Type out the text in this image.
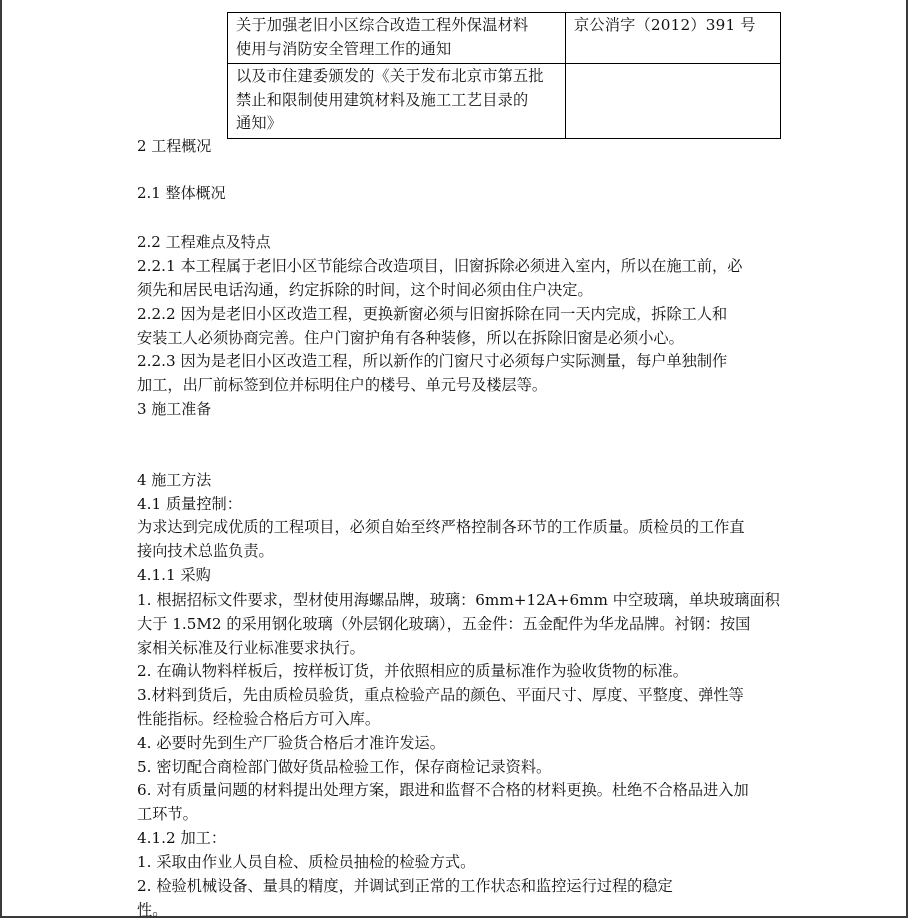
关于加强老旧小区综合改造工程外保温材料
使用与消防安全管理工作的通知	京公消字（2012）391 号

以及市住建委颁发的《关于发布北京市第五批
禁止和限制使用建筑材料及施工工艺目录的
通知》	

2 工程概况
2.1 整体概况
2.2 工程难点及特点
2.2.1 本工程属于老旧小区节能综合改造项目，旧窗拆除必须进入室内，所以在施工前，必
须先和居民电话沟通，约定拆除的时间，这个时间必须由住户决定。
2.2.2 因为是老旧小区改造工程，更换新窗必须与旧窗拆除在同一天内完成，拆除工人和
安装工人必须协商完善。住户门窗护角有各种装修，所以在拆除旧窗是必须小心。
2.2.3 因为是老旧小区改造工程，所以新作的门窗尺寸必须每户实际测量，每户单独制作
加工，出厂前标签到位并标明住户的楼号、单元号及楼层等。
3 施工准备
4 施工方法
4.1 质量控制：
为求达到完成优质的工程项目，必须自始至终严格控制各环节的工作质量。质检员的工作直
接向技术总监负责。
4.1.1 采购
1. 根据招标文件要求，型材使用海螺品牌，玻璃：6mm+12A+6mm 中空玻璃，单块玻璃面积
大于 1.5M2 的采用钢化玻璃（外层钢化玻璃），五金件：五金配件为华龙品牌。衬钢：按国
家相关标准及行业标准要求执行。
2. 在确认物料样板后，按样板订货，并依照相应的质量标准作为验收货物的标准。
3.材料到货后，先由质检员验货，重点检验产品的颜色、平面尺寸、厚度、平整度、弹性等
性能指标。经检验合格后方可入库。
4. 必要时先到生产厂验货合格后才准许发运。
5. 密切配合商检部门做好货品检验工作，保存商检记录资料。
6. 对有质量问题的材料提出处理方案，跟进和监督不合格的材料更换。杜绝不合格品进入加
工环节。
4.1.2 加工：
1. 采取由作业人员自检、质检员抽检的检验方式。
2. 检验机械设备、量具的精度，并调试到正常的工作状态和监控运行过程的稳定
性。
